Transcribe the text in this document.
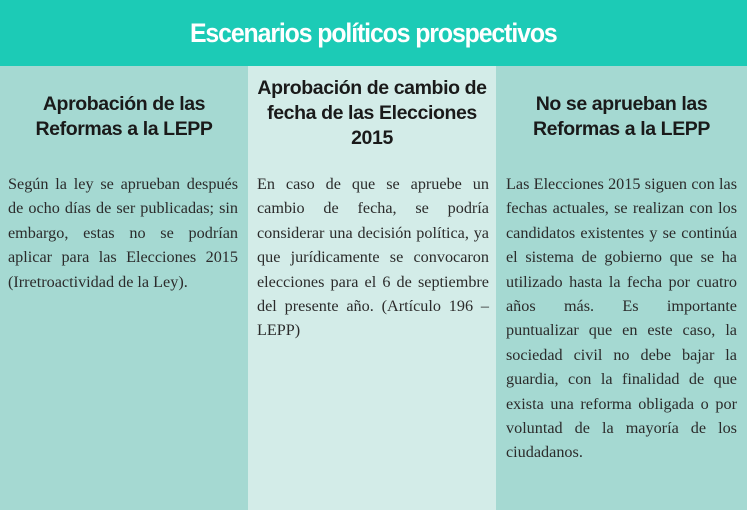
Escenarios políticos prospectivos
Aprobación de las Reformas a la LEPP
Según la ley se aprueban después de ocho días de ser publicadas; sin embargo, estas no se podrían aplicar para las Elecciones 2015 (Irretroactividad de la Ley).
Aprobación de cambio de fecha de las Elecciones 2015
En caso de que se apruebe un cambio de fecha, se podría considerar una decisión política, ya que jurídicamente se convocaron elecciones para el 6 de septiembre del presente año. (Artículo 196 – LEPP)
No se aprueban las Reformas a la LEPP
Las Elecciones 2015 siguen con las fechas actuales, se realizan con los candidatos existentes y se continúa el sistema de gobierno que se ha utilizado hasta la fecha por cuatro años más. Es importante puntualizar que en este caso, la sociedad civil no debe bajar la guardia, con la finalidad de que exista una reforma obligada o por voluntad de la mayoría de los ciudadanos.
